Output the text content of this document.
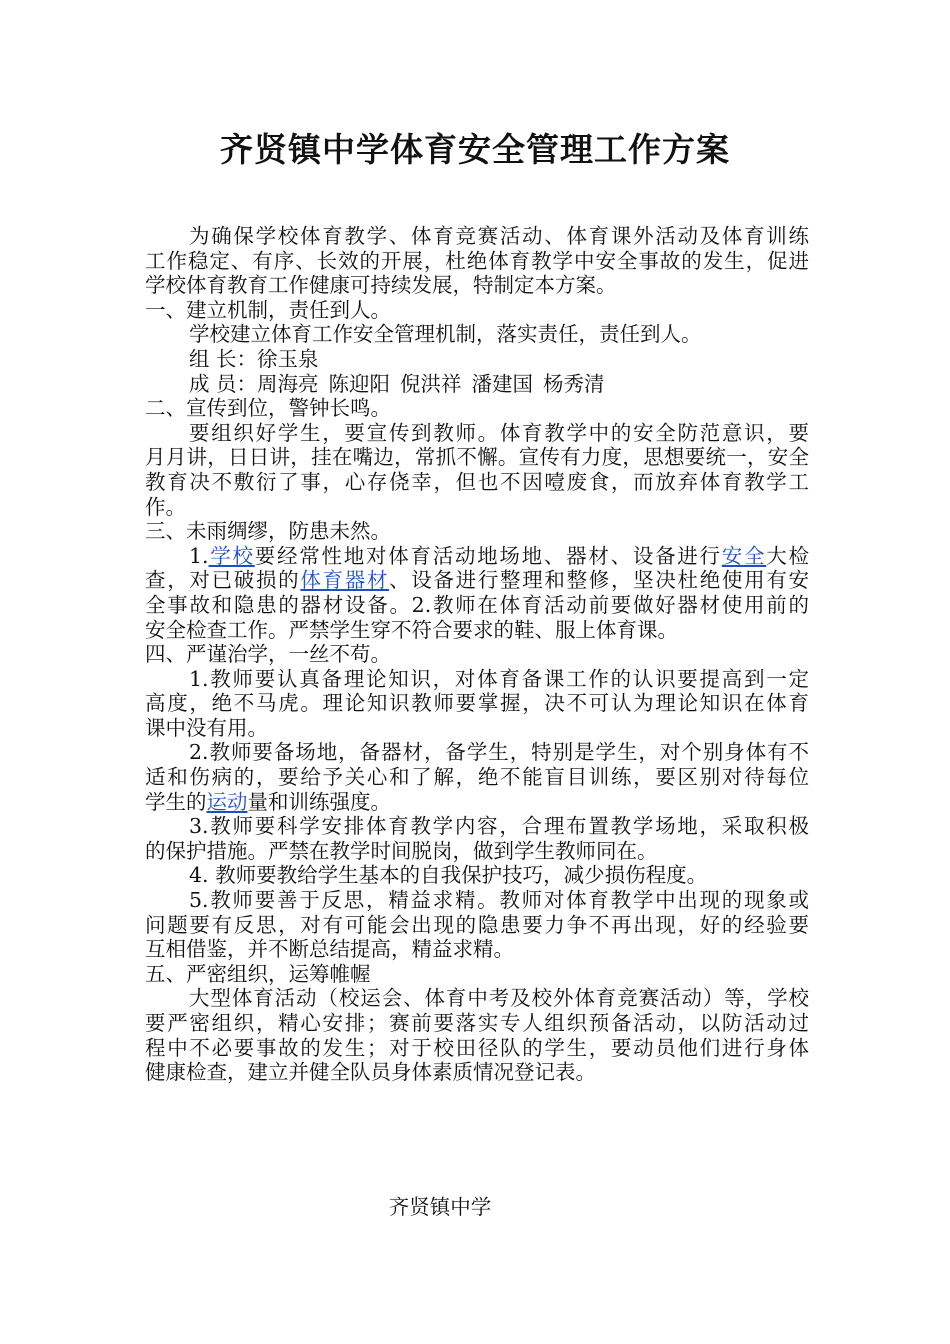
齐贤镇中学体育安全管理工作方案
为确保学校体育教学、体育竞赛活动、体育课外活动及体育训练
工作稳定、有序、长效的开展，杜绝体育教学中安全事故的发生，促进
学校体育教育工作健康可持续发展，特制定本方案。
一、建立机制，责任到人。
学校建立体育工作安全管理机制，落实责任，责任到人。
组 长：徐玉泉
成 员：周海亮 陈迎阳 倪洪祥 潘建国 杨秀清
二、宣传到位，警钟长鸣。
要组织好学生，要宣传到教师。体育教学中的安全防范意识，要
月月讲，日日讲，挂在嘴边，常抓不懈。宣传有力度，思想要统一，安全
教育决不敷衍了事，心存侥幸，但也不因噎废食，而放弃体育教学工
作。
三、未雨绸缪，防患未然。
1.学校要经常性地对体育活动地场地、器材、设备进行安全大检
查，对已破损的体育器材、设备进行整理和整修，坚决杜绝使用有安
全事故和隐患的器材设备。2.教师在体育活动前要做好器材使用前的
安全检查工作。严禁学生穿不符合要求的鞋、服上体育课。
四、严谨治学，一丝不苟。
1.教师要认真备理论知识，对体育备课工作的认识要提高到一定
高度，绝不马虎。理论知识教师要掌握，决不可认为理论知识在体育
课中没有用。
2.教师要备场地，备器材，备学生，特别是学生，对个别身体有不
适和伤病的，要给予关心和了解，绝不能盲目训练，要区别对待每位
学生的运动量和训练强度。
3.教师要科学安排体育教学内容，合理布置教学场地，采取积极
的保护措施。严禁在教学时间脱岗，做到学生教师同在。
4. 教师要教给学生基本的自我保护技巧，减少损伤程度。
5.教师要善于反思，精益求精。教师对体育教学中出现的现象或
问题要有反思，对有可能会出现的隐患要力争不再出现，好的经验要
互相借鉴，并不断总结提高，精益求精。
五、严密组织，运筹帷幄
大型体育活动（校运会、体育中考及校外体育竞赛活动）等，学校
要严密组织，精心安排；赛前要落实专人组织预备活动，以防活动过
程中不必要事故的发生；对于校田径队的学生，要动员他们进行身体
健康检查，建立并健全队员身体素质情况登记表。
齐贤镇中学
